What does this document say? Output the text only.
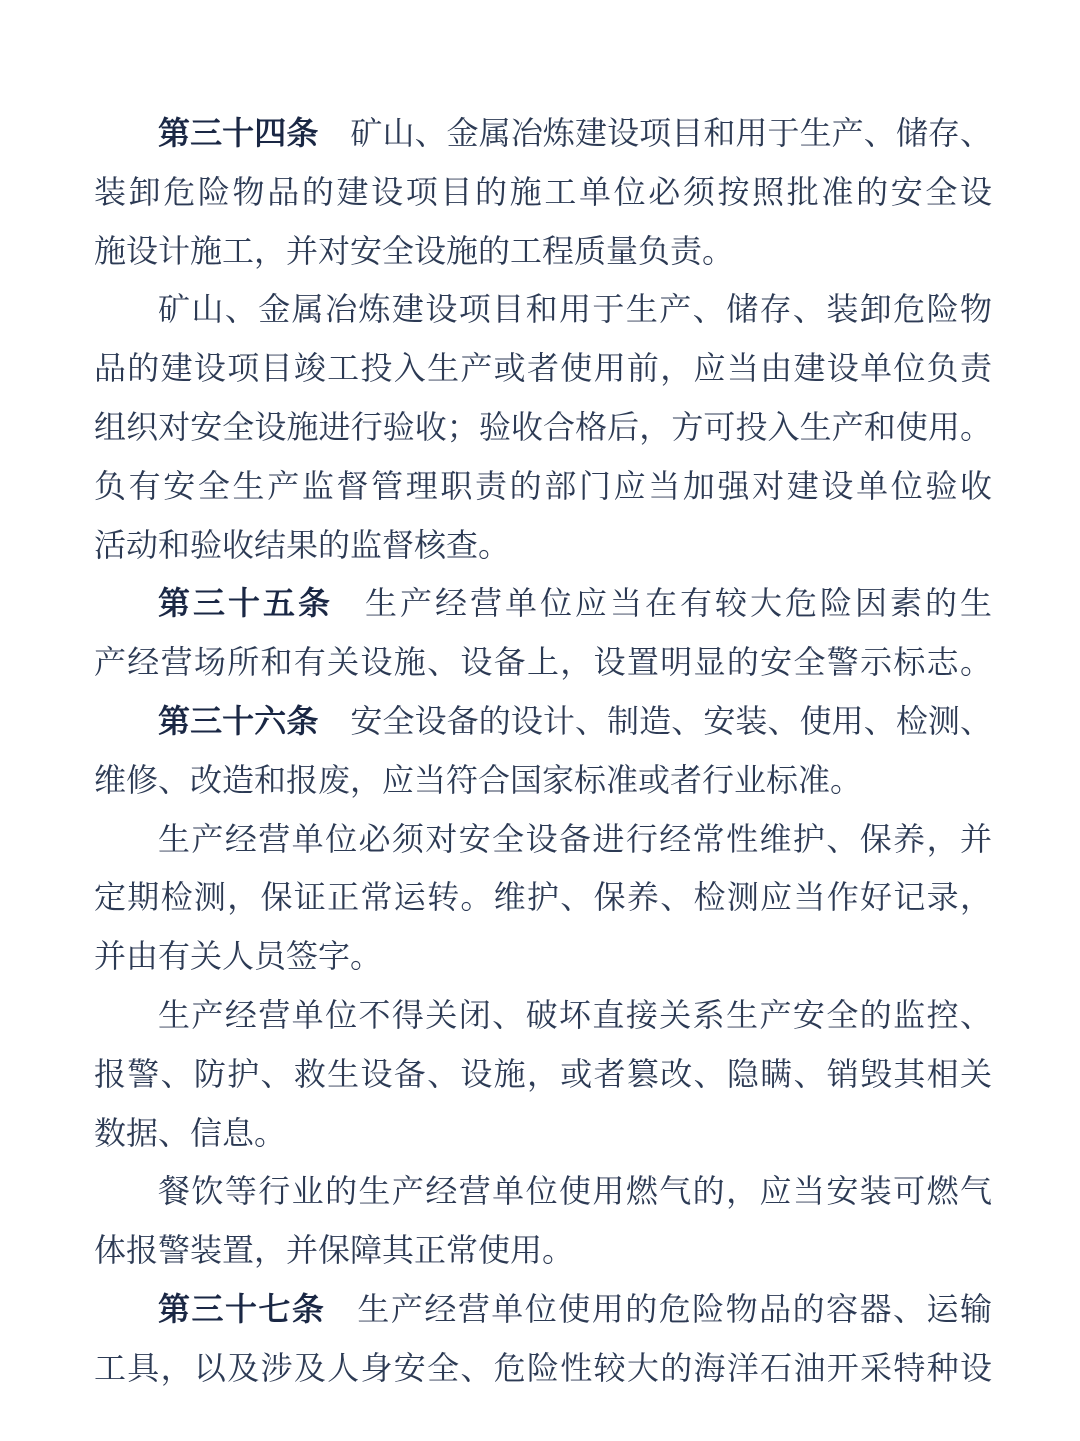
第三十四条 矿山、金属冶炼建设项目和用于生产、储存、
装卸危险物品的建设项目的施工单位必须按照批准的安全设
施设计施工，并对安全设施的工程质量负责。
矿山、金属冶炼建设项目和用于生产、储存、装卸危险物
品的建设项目竣工投入生产或者使用前，应当由建设单位负责
组织对安全设施进行验收；验收合格后，方可投入生产和使用。
负有安全生产监督管理职责的部门应当加强对建设单位验收
活动和验收结果的监督核查。
第三十五条 生产经营单位应当在有较大危险因素的生
产经营场所和有关设施、设备上，设置明显的安全警示标志。
第三十六条 安全设备的设计、制造、安装、使用、检测、
维修、改造和报废，应当符合国家标准或者行业标准。
生产经营单位必须对安全设备进行经常性维护、保养，并
定期检测，保证正常运转。维护、保养、检测应当作好记录，
并由有关人员签字。
生产经营单位不得关闭、破坏直接关系生产安全的监控、
报警、防护、救生设备、设施，或者篡改、隐瞒、销毁其相关
数据、信息。
餐饮等行业的生产经营单位使用燃气的，应当安装可燃气
体报警装置，并保障其正常使用。
第三十七条 生产经营单位使用的危险物品的容器、运输
工具，以及涉及人身安全、危险性较大的海洋石油开采特种设
